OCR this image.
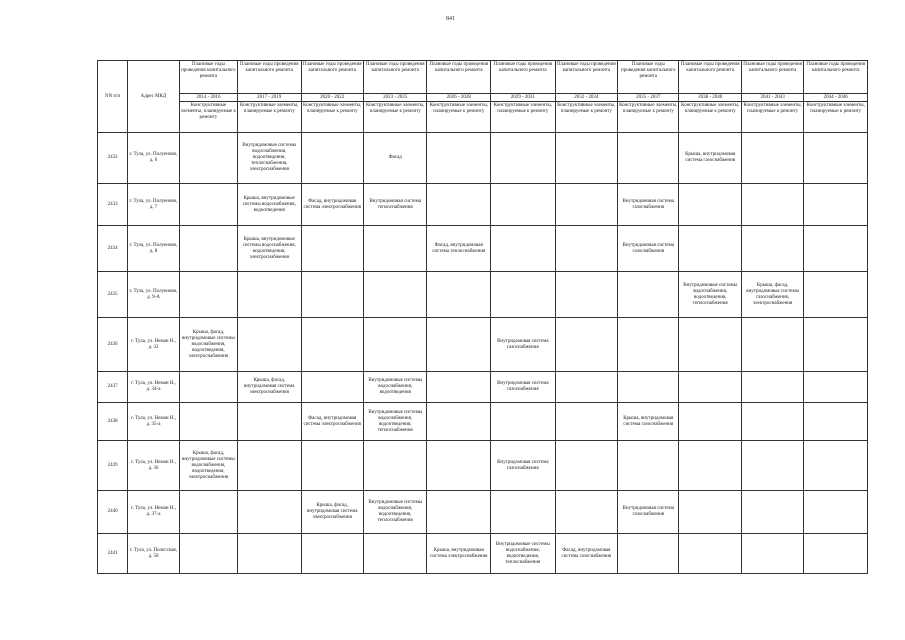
841
NN п/п	Адрес МКД	Плановые годы проведения капитального ремонта	Плановые годы проведения капитального ремонта	Плановые годы проведения капитального ремонта	Плановые годы проведения капитального ремонта	Плановые годы проведения капитального ремонта	Плановые годы проведения капитального ремонта	Плановые годы проведения капитального ремонта	Плановые годы проведения капитального ремонта	Плановые годы проведения капитального ремонта	Плановые годы проведения капитального ремонта	Плановые годы проведения капитального ремонта
		2014 - 2016	2017 - 2019	2020 - 2022	2023 - 2025	2026 - 2028	2029 - 2031	2032 - 2034	2035 - 2037	2038 - 2040	2041 - 2043	2044 - 2046
		Конструктивные элементы, планируемые к ремонту	Конструктивные элементы, планируемые к ремонту	Конструктивные элементы, планируемые к ремонту	Конструктивные элементы, планируемые к ремонту	Конструктивные элементы, планируемые к ремонту	Конструктивные элементы, планируемые к ремонту	Конструктивные элементы, планируемые к ремонту	Конструктивные элементы, планируемые к ремонту	Конструктивные элементы, планируемые к ремонту	Конструктивные элементы, планируемые к ремонту	Конструктивные элементы, планируемые к ремонту
2432	г. Тула, ул. Полуеново, д. 6		Внутридомовые системы водоснабжения, водоотведения, теплоснабжения, электроснабжения		Фасад					Крыша, внутридомовая система газоснабжения		
2433	г. Тула, ул. Полуеново, д. 7		Крыша, внутридомовые системы водоснабжения, водоотведения	Фасад, внутридомовая система электроснабжения	Внутридомовая система теплоснабжения				Внутридомовая система газоснабжения			
2434	г. Тула, ул. Полуеново, д. 8		Крыша, внутридомовые системы водоснабжения, водоотведения, электроснабжения			Фасад, внутридомовая система теплоснабжения			Внутридомовая система газоснабжения			
2435	г. Тула, ул. Полуеново, д. 9-А									Внутридомовые системы водоснабжения, водоотведения, теплоснабжения	Крыша, фасад, внутридомовые системы газоснабжения, электроснабжения	
2436	г. Тула, ул. Неман Н., д. 32	Крыша, фасад, внутридомовые системы водоснабжения, водоотведения, электроснабжения					Внутридомовая система газоснабжения					
2437	г. Тула, ул. Неман Н., д. 34-а		Крыша, фасад, внутридомовая система электроснабжения		Внутридомовые системы водоснабжения, водоотведения		Внутридомовая система газоснабжения					
2438	г. Тула, ул. Неман Н., д. 35-а			Фасад, внутридомовая система электроснабжения	Внутридомовые системы водоснабжения, водоотведения, теплоснабжения				Крыша, внутридомовая система газоснабжения			
2439	г. Тула, ул. Неман Н., д. 36	Крыша, фасад, внутридомовые системы водоснабжения, водоотведения, электроснабжения					Внутридомовая система газоснабжения					
2440	г. Тула, ул. Неман Н., д. 37-а			Крыша, фасад, внутридомовая система электроснабжения	Внутридомовые системы водоснабжения, водоотведения, теплоснабжения				Внутридомовая система газоснабжения			
2441	г. Тула, ул. Полесская, д. 58					Крыша, внутридомовая система электроснабжения	Внутридомовые системы водоснабжения, водоотведения, теплоснабжения	Фасад, внутридомовая система газоснабжения				
